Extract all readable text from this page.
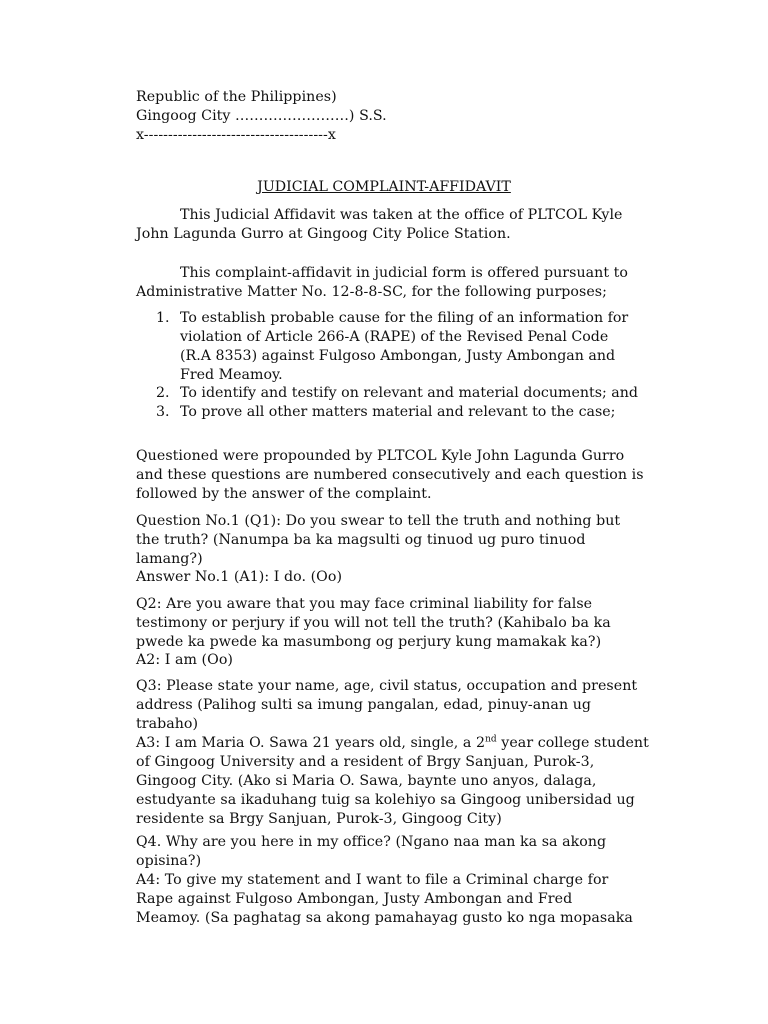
Republic of the Philippines)
Gingoog City ……………………) S.S.
x--------------------------------------x
JUDICIAL COMPLAINT-AFFIDAVIT
This Judicial Affidavit was taken at the office of PLTCOL Kyle
John Lagunda Gurro at Gingoog City Police Station.
This complaint-affidavit in judicial form is offered pursuant to
Administrative Matter No. 12-8-8-SC, for the following purposes;
1. To establish probable cause for the filing of an information for
violation of Article 266-A (RAPE) of the Revised Penal Code
(R.A 8353) against Fulgoso Ambongan, Justy Ambongan and
Fred Meamoy.
2. To identify and testify on relevant and material documents; and
3. To prove all other matters material and relevant to the case;
Questioned were propounded by PLTCOL Kyle John Lagunda Gurro
and these questions are numbered consecutively and each question is
followed by the answer of the complaint.
Question No.1 (Q1): Do you swear to tell the truth and nothing but
the truth? (Nanumpa ba ka magsulti og tinuod ug puro tinuod
lamang?)
Answer No.1 (A1): I do. (Oo)
Q2: Are you aware that you may face criminal liability for false
testimony or perjury if you will not tell the truth? (Kahibalo ba ka
pwede ka pwede ka masumbong og perjury kung mamakak ka?)
A2: I am (Oo)
Q3: Please state your name, age, civil status, occupation and present
address (Palihog sulti sa imung pangalan, edad, pinuy-anan ug
trabaho)
A3: I am Maria O. Sawa 21 years old, single, a 2nd year college student
of Gingoog University and a resident of Brgy Sanjuan, Purok-3,
Gingoog City. (Ako si Maria O. Sawa, baynte uno anyos, dalaga,
estudyante sa ikaduhang tuig sa kolehiyo sa Gingoog unibersidad ug
residente sa Brgy Sanjuan, Purok-3, Gingoog City)
Q4. Why are you here in my office? (Ngano naa man ka sa akong
opisina?)
A4: To give my statement and I want to file a Criminal charge for
Rape against Fulgoso Ambongan, Justy Ambongan and Fred
Meamoy. (Sa paghatag sa akong pamahayag gusto ko nga mopasaka
